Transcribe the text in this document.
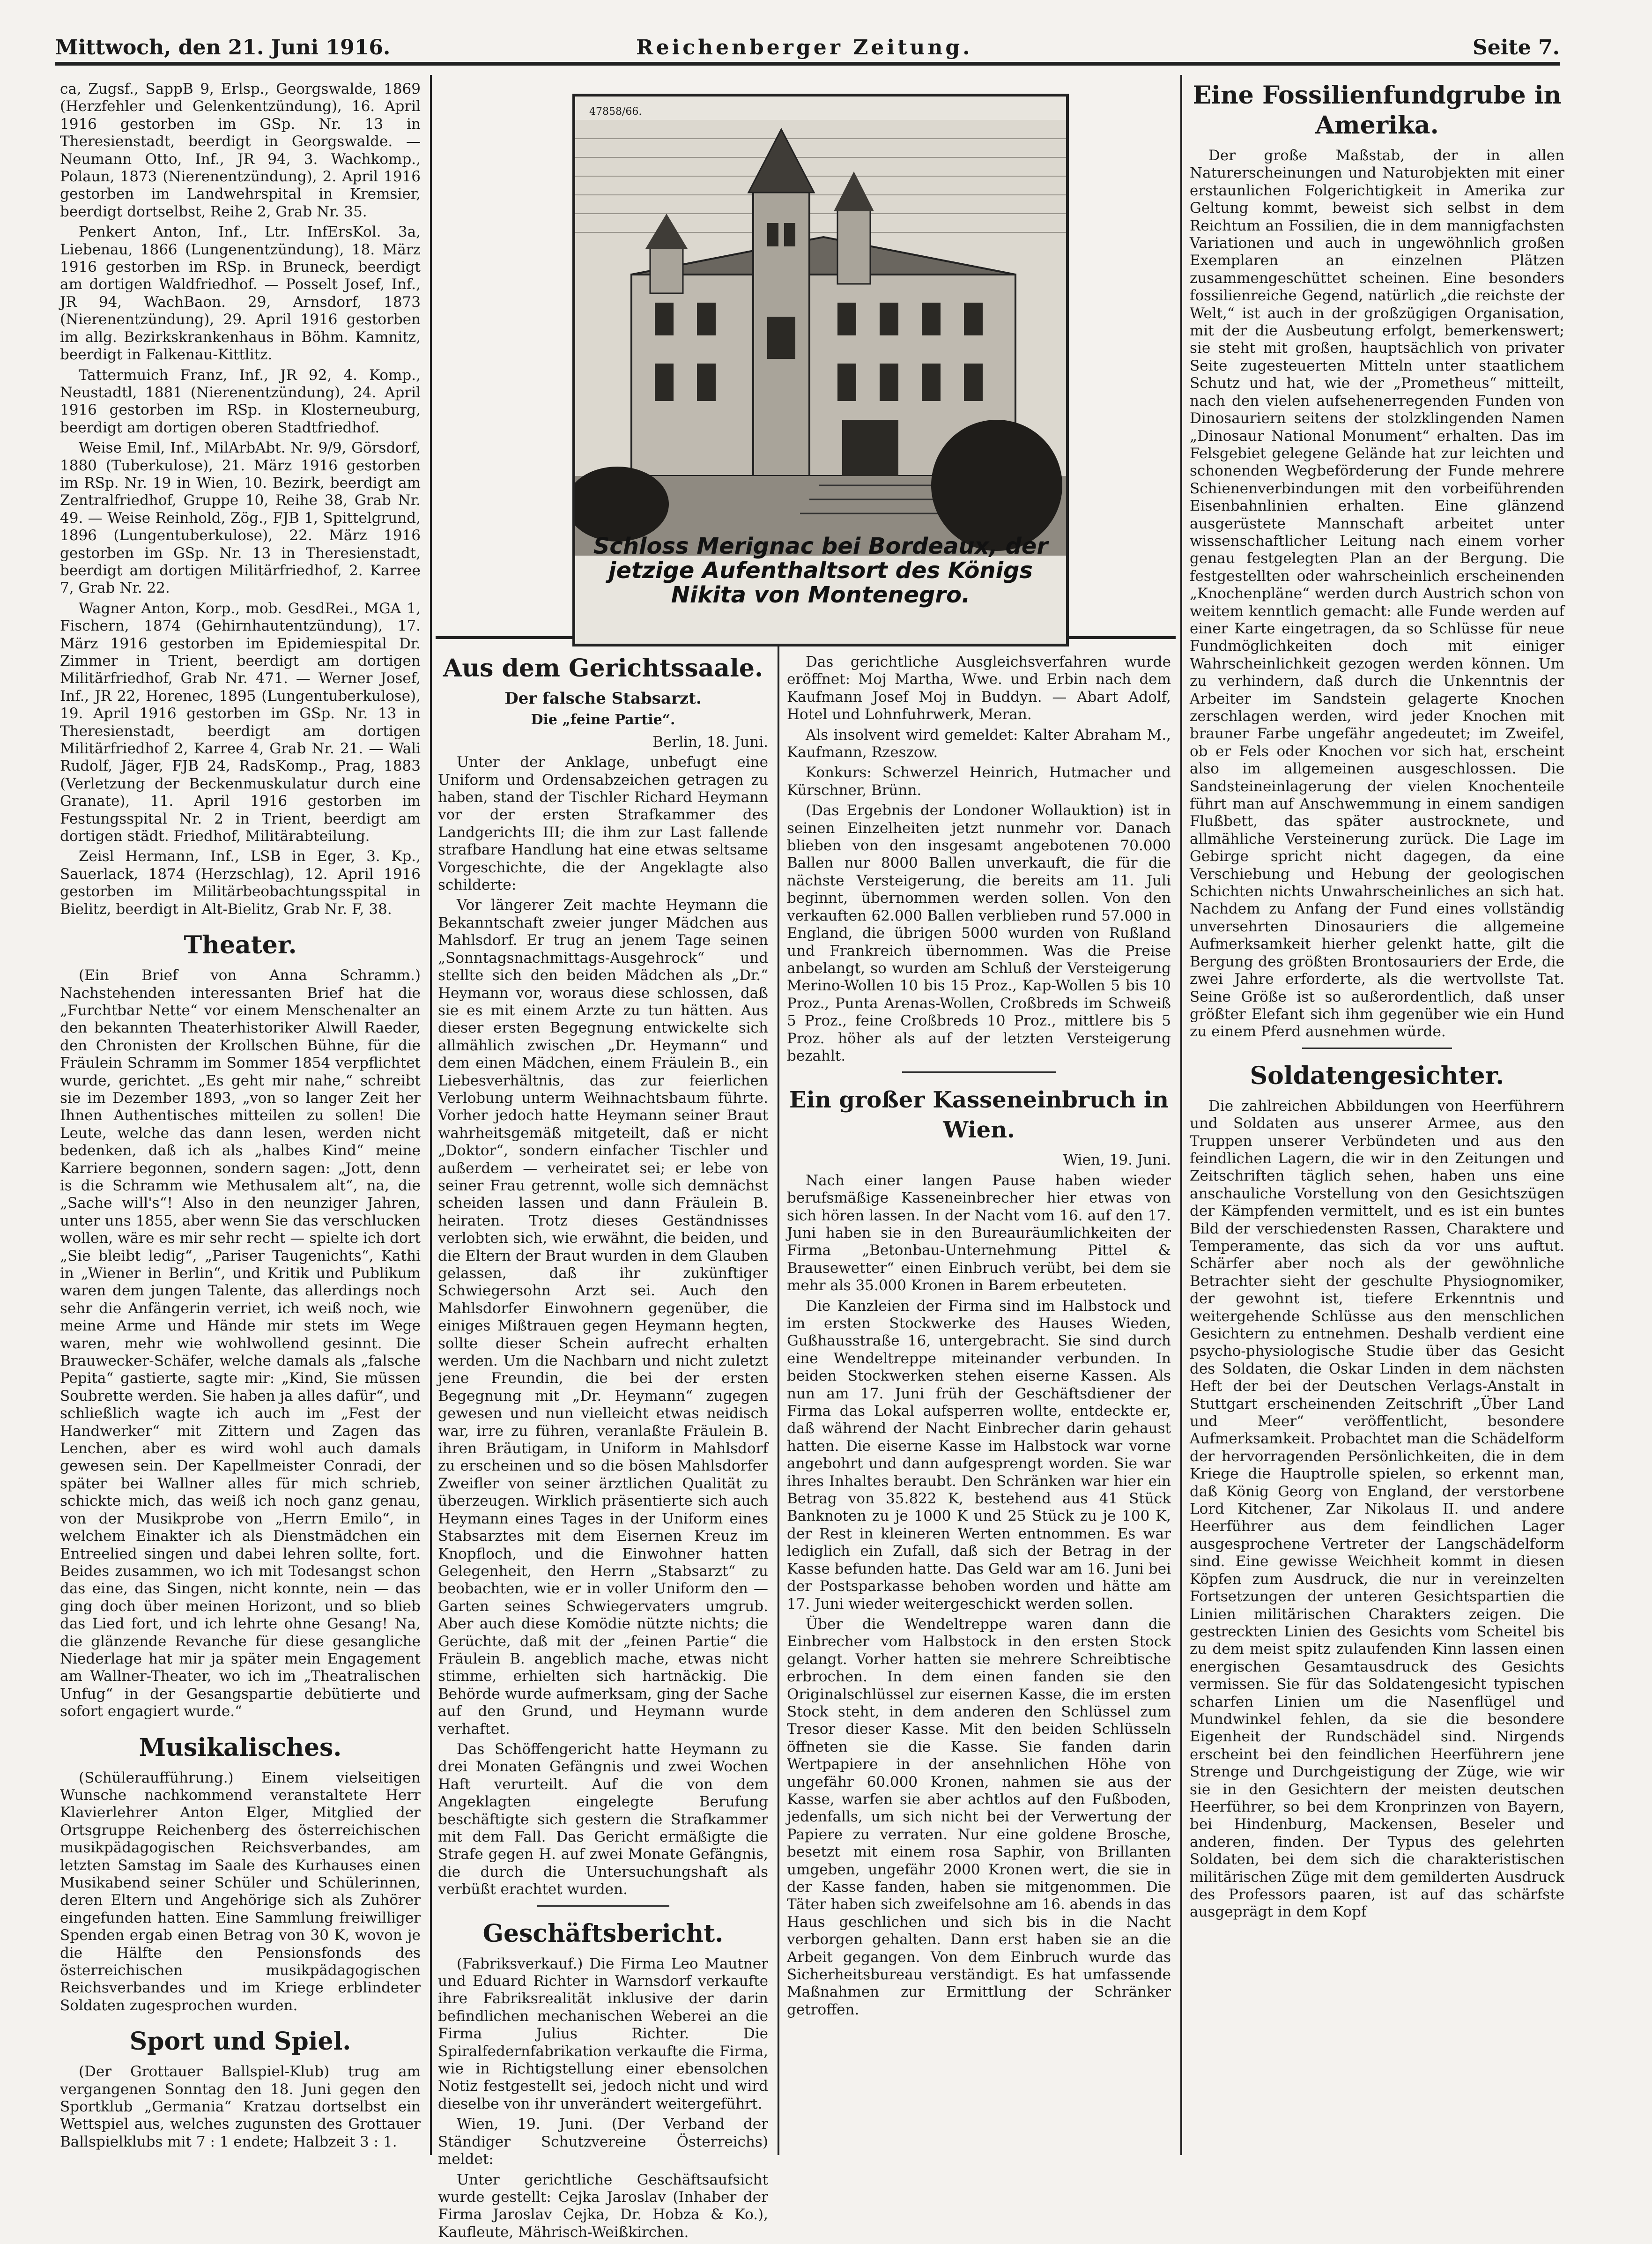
Mittwoch, den 21. Juni 1916.	Reichenberger Zeitung.	Seite 7.

ca, Zugsf., SappB 9, Erlsp., Georgswalde, 1869 (Herzfehler und Gelenkentzündung), 16. April 1916 gestorben im GSp. Nr. 13 in Theresienstadt, beerdigt in Georgswalde. — Neumann Otto, Inf., JR 94, 3. Wachkomp., Polaun, 1873 (Nierenentzündung), 2. April 1916 gestorben im Landwehrspital in Kremsier, beerdigt dortselbst, Reihe 2, Grab Nr. 35.

Penkert Anton, Inf., Ltr. InfErsKol. 3a, Liebenau, 1866 (Lungenentzündung), 18. März 1916 gestorben im RSp. in Bruneck, beerdigt am dortigen Waldfriedhof. — Posselt Josef, Inf., JR 94, WachBaon. 29, Arnsdorf, 1873 (Nierenentzündung), 29. April 1916 gestorben im allg. Bezirkskrankenhaus in Böhm. Kamnitz, beerdigt in Falkenau-Kittlitz.

Tattermuich Franz, Inf., JR 92, 4. Komp., Neustadtl, 1881 (Nierenentzündung), 24. April 1916 gestorben im RSp. in Klosterneuburg, beerdigt am dortigen oberen Stadtfriedhof.

Weise Emil, Inf., MilArbAbt. Nr. 9/9, Görsdorf, 1880 (Tuberkulose), 21. März 1916 gestorben im RSp. Nr. 19 in Wien, 10. Bezirk, beerdigt am Zentralfriedhof, Gruppe 10, Reihe 38, Grab Nr. 49. — Weise Reinhold, Zög., FJB 1, Spittelgrund, 1896 (Lungentuberkulose), 22. März 1916 gestorben im GSp. Nr. 13 in Theresienstadt, beerdigt am dortigen Militärfriedhof, 2. Karree 7, Grab Nr. 22.

Wagner Anton, Korp., mob. GesdRei., MGA 1, Fischern, 1874 (Gehirnhautentzündung), 17. März 1916 gestorben im Epidemiespital Dr. Zimmer in Trient, beerdigt am dortigen Militärfriedhof, Grab Nr. 471. — Werner Josef, Inf., JR 22, Horenec, 1895 (Lungentuberkulose), 19. April 1916 gestorben im GSp. Nr. 13 in Theresienstadt, beerdigt am dortigen Militärfriedhof 2, Karree 4, Grab Nr. 21. — Wali Rudolf, Jäger, FJB 24, RadsKomp., Prag, 1883 (Verletzung der Beckenmuskulatur durch eine Granate), 11. April 1916 gestorben im Festungsspital Nr. 2 in Trient, beerdigt am dortigen städt. Friedhof, Militärabteilung.

Zeisl Hermann, Inf., LSB in Eger, 3. Kp., Sauerlack, 1874 (Herzschlag), 12. April 1916 gestorben im Militärbeobachtungsspital in Bielitz, beerdigt in Alt-Bielitz, Grab Nr. F, 38.

Theater.

(Ein Brief von Anna Schramm.) Nachstehenden interessanten Brief hat die „Furchtbar Nette“ vor einem Menschenalter an den bekannten Theaterhistoriker Alwill Raeder, den Chronisten der Krollschen Bühne, für die Fräulein Schramm im Sommer 1854 verpflichtet wurde, gerichtet. „Es geht mir nahe,“ schreibt sie im Dezember 1893, „von so langer Zeit her Ihnen Authentisches mitteilen zu sollen! Die Leute, welche das dann lesen, werden nicht bedenken, daß ich als „halbes Kind“ meine Karriere begonnen, sondern sagen: „Jott, denn is die Schramm wie Methusalem alt“, na, die „Sache will's“! Also in den neunziger Jahren, unter uns 1855, aber wenn Sie das verschlucken wollen, wäre es mir sehr recht — spielte ich dort „Sie bleibt ledig“, „Pariser Taugenichts“, Kathi in „Wiener in Berlin“, und Kritik und Publikum waren dem jungen Talente, das allerdings noch sehr die Anfängerin verriet, ich weiß noch, wie meine Arme und Hände mir stets im Wege waren, mehr wie wohlwollend gesinnt. Die Brauwecker-Schäfer, welche damals als „falsche Pepita“ gastierte, sagte mir: „Kind, Sie müssen Soubrette werden. Sie haben ja alles dafür“, und schließlich wagte ich auch im „Fest der Handwerker“ mit Zittern und Zagen das Lenchen, aber es wird wohl auch damals gewesen sein. Der Kapellmeister Conradi, der später bei Wallner alles für mich schrieb, schickte mich, das weiß ich noch ganz genau, von der Musikprobe von „Herrn Emilo“, in welchem Einakter ich als Dienstmädchen ein Entreelied singen und dabei lehren sollte, fort. Beides zusammen, wo ich mit Todesangst schon das eine, das Singen, nicht konnte, nein — das ging doch über meinen Horizont, und so blieb das Lied fort, und ich lehrte ohne Gesang! Na, die glänzende Revanche für diese gesangliche Niederlage hat mir ja später mein Engagement am Wallner-Theater, wo ich im „Theatralischen Unfug“ in der Gesangspartie debütierte und sofort engagiert wurde.“

Musikalisches.

(Schüleraufführung.) Einem vielseitigen Wunsche nachkommend veranstaltete Herr Klavierlehrer Anton Elger, Mitglied der Ortsgruppe Reichenberg des österreichischen musikpädagogischen Reichsverbandes, am letzten Samstag im Saale des Kurhauses einen Musikabend seiner Schüler und Schülerinnen, deren Eltern und Angehörige sich als Zuhörer eingefunden hatten. Eine Sammlung freiwilliger Spenden ergab einen Betrag von 30 K, wovon je die Hälfte den Pensionsfonds des österreichischen musikpädagogischen Reichsverbandes und im Kriege erblindeter Soldaten zugesprochen wurden.

Sport und Spiel.

(Der Grottauer Ballspiel-Klub) trug am vergangenen Sonntag den 18. Juni gegen den Sportklub „Germania“ Kratzau dortselbst ein Wettspiel aus, welches zugunsten des Grottauer Ballspielklubs mit 7 : 1 endete; Halbzeit 3 : 1.

47858/66.
Schloss Merignac bei Bordeaux, der jetzige Aufenthaltsort des Königs Nikita von Montenegro.
Aus dem Gerichtssaale.
Der falsche Stabsarzt.
Die „feine Partie“.

Berlin, 18. Juni.

Unter der Anklage, unbefugt eine Uniform und Ordensabzeichen getragen zu haben, stand der Tischler Richard Heymann vor der ersten Strafkammer des Landgerichts III; die ihm zur Last fallende strafbare Handlung hat eine etwas seltsame Vorgeschichte, die der Angeklagte also schilderte:

Vor längerer Zeit machte Heymann die Bekanntschaft zweier junger Mädchen aus Mahlsdorf. Er trug an jenem Tage seinen „Sonntagsnachmittags-Ausgehrock“ und stellte sich den beiden Mädchen als „Dr.“ Heymann vor, woraus diese schlossen, daß sie es mit einem Arzte zu tun hätten. Aus dieser ersten Begegnung entwickelte sich allmählich zwischen „Dr. Heymann“ und dem einen Mädchen, einem Fräulein B., ein Liebesverhältnis, das zur feierlichen Verlobung unterm Weihnachtsbaum führte. Vorher jedoch hatte Heymann seiner Braut wahrheitsgemäß mitgeteilt, daß er nicht „Doktor“, sondern einfacher Tischler und außerdem — verheiratet sei; er lebe von seiner Frau getrennt, wolle sich demnächst scheiden lassen und dann Fräulein B. heiraten. Trotz dieses Geständnisses verlobten sich, wie erwähnt, die beiden, und die Eltern der Braut wurden in dem Glauben gelassen, daß ihr zukünftiger Schwiegersohn Arzt sei. Auch den Mahlsdorfer Einwohnern gegenüber, die einiges Mißtrauen gegen Heymann hegten, sollte dieser Schein aufrecht erhalten werden. Um die Nachbarn und nicht zuletzt jene Freundin, die bei der ersten Begegnung mit „Dr. Heymann“ zugegen gewesen und nun vielleicht etwas neidisch war, irre zu führen, veranlaßte Fräulein B. ihren Bräutigam, in Uniform in Mahlsdorf zu erscheinen und so die bösen Mahlsdorfer Zweifler von seiner ärztlichen Qualität zu überzeugen. Wirklich präsentierte sich auch Heymann eines Tages in der Uniform eines Stabsarztes mit dem Eisernen Kreuz im Knopfloch, und die Einwohner hatten Gelegenheit, den Herrn „Stabsarzt“ zu beobachten, wie er in voller Uniform den — Garten seines Schwiegervaters umgrub. Aber auch diese Komödie nützte nichts; die Gerüchte, daß mit der „feinen Partie“ die Fräulein B. angeblich mache, etwas nicht stimme, erhielten sich hartnäckig. Die Behörde wurde aufmerksam, ging der Sache auf den Grund, und Heymann wurde verhaftet.

Das Schöffengericht hatte Heymann zu drei Monaten Gefängnis und zwei Wochen Haft verurteilt. Auf die von dem Angeklagten eingelegte Berufung beschäftigte sich gestern die Strafkammer mit dem Fall. Das Gericht ermäßigte die Strafe gegen H. auf zwei Monate Gefängnis, die durch die Untersuchungshaft als verbüßt erachtet wurden.

Geschäftsbericht.

(Fabriksverkauf.) Die Firma Leo Mautner und Eduard Richter in Warnsdorf verkaufte ihre Fabriksrealität inklusive der darin befindlichen mechanischen Weberei an die Firma Julius Richter. Die Spiralfedernfabrikation verkaufte die Firma, wie in Richtigstellung einer ebensolchen Notiz festgestellt sei, jedoch nicht und wird dieselbe von ihr unverändert weitergeführt.

Wien, 19. Juni. (Der Verband der Ständiger Schutzvereine Österreichs) meldet:

Unter gerichtliche Geschäftsaufsicht wurde gestellt: Cejka Jaroslav (Inhaber der Firma Jaroslav Cejka, Dr. Hobza & Ko.), Kaufleute, Mährisch-Weißkirchen.

Das gerichtliche Ausgleichsverfahren wurde eröffnet: Moj Martha, Wwe. und Erbin nach dem Kaufmann Josef Moj in Buddyn. — Abart Adolf, Hotel und Lohnfuhrwerk, Meran.

Als insolvent wird gemeldet: Kalter Abraham M., Kaufmann, Rzeszow.

Konkurs: Schwerzel Heinrich, Hutmacher und Kürschner, Brünn.

(Das Ergebnis der Londoner Wollauktion) ist in seinen Einzelheiten jetzt nunmehr vor. Danach blieben von den insgesamt angebotenen 70.000 Ballen nur 8000 Ballen unverkauft, die für die nächste Versteigerung, die bereits am 11. Juli beginnt, übernommen werden sollen. Von den verkauften 62.000 Ballen verblieben rund 57.000 in England, die übrigen 5000 wurden von Rußland und Frankreich übernommen. Was die Preise anbelangt, so wurden am Schluß der Versteigerung Merino-Wollen 10 bis 15 Proz., Kap-Wollen 5 bis 10 Proz., Punta Arenas-Wollen, Croßbreds im Schweiß 5 Proz., feine Croßbreds 10 Proz., mittlere bis 5 Proz. höher als auf der letzten Versteigerung bezahlt.

Ein großer Kasseneinbruch in Wien.

Wien, 19. Juni.

Nach einer langen Pause haben wieder berufsmäßige Kasseneinbrecher hier etwas von sich hören lassen. In der Nacht vom 16. auf den 17. Juni haben sie in den Bureauräumlichkeiten der Firma „Betonbau-Unternehmung Pittel & Brausewetter“ einen Einbruch verübt, bei dem sie mehr als 35.000 Kronen in Barem erbeuteten.

Die Kanzleien der Firma sind im Halbstock und im ersten Stockwerke des Hauses Wieden, Gußhausstraße 16, untergebracht. Sie sind durch eine Wendeltreppe miteinander verbunden. In beiden Stockwerken stehen eiserne Kassen. Als nun am 17. Juni früh der Geschäftsdiener der Firma das Lokal aufsperren wollte, entdeckte er, daß während der Nacht Einbrecher darin gehaust hatten. Die eiserne Kasse im Halbstock war vorne angebohrt und dann aufgesprengt worden. Sie war ihres Inhaltes beraubt. Den Schränken war hier ein Betrag von 35.822 K, bestehend aus 41 Stück Banknoten zu je 1000 K und 25 Stück zu je 100 K, der Rest in kleineren Werten entnommen. Es war lediglich ein Zufall, daß sich der Betrag in der Kasse befunden hatte. Das Geld war am 16. Juni bei der Postsparkasse behoben worden und hätte am 17. Juni wieder weitergeschickt werden sollen.

Über die Wendeltreppe waren dann die Einbrecher vom Halbstock in den ersten Stock gelangt. Vorher hatten sie mehrere Schreibtische erbrochen. In dem einen fanden sie den Originalschlüssel zur eisernen Kasse, die im ersten Stock steht, in dem anderen den Schlüssel zum Tresor dieser Kasse. Mit den beiden Schlüsseln öffneten sie die Kasse. Sie fanden darin Wertpapiere in der ansehnlichen Höhe von ungefähr 60.000 Kronen, nahmen sie aus der Kasse, warfen sie aber achtlos auf den Fußboden, jedenfalls, um sich nicht bei der Verwertung der Papiere zu verraten. Nur eine goldene Brosche, besetzt mit einem rosa Saphir, von Brillanten umgeben, ungefähr 2000 Kronen wert, die sie in der Kasse fanden, haben sie mitgenommen. Die Täter haben sich zweifelsohne am 16. abends in das Haus geschlichen und sich bis in die Nacht verborgen gehalten. Dann erst haben sie an die Arbeit gegangen. Von dem Einbruch wurde das Sicherheitsbureau verständigt. Es hat umfassende Maßnahmen zur Ermittlung der Schränker getroffen.

Eine Fossilienfundgrube in Amerika.

Der große Maßstab, der in allen Naturerscheinungen und Naturobjekten mit einer erstaunlichen Folgerichtigkeit in Amerika zur Geltung kommt, beweist sich selbst in dem Reichtum an Fossilien, die in dem mannigfachsten Variationen und auch in ungewöhnlich großen Exemplaren an einzelnen Plätzen zusammengeschüttet scheinen. Eine besonders fossilienreiche Gegend, natürlich „die reichste der Welt,“ ist auch in der großzügigen Organisation, mit der die Ausbeutung erfolgt, bemerkenswert; sie steht mit großen, hauptsächlich von privater Seite zugesteuerten Mitteln unter staatlichem Schutz und hat, wie der „Prometheus“ mitteilt, nach den vielen aufsehenerregenden Funden von Dinosauriern seitens der stolzklingenden Namen „Dinosaur National Monument“ erhalten. Das im Felsgebiet gelegene Gelände hat zur leichten und schonenden Wegbeförderung der Funde mehrere Schienenverbindungen mit den vorbeiführenden Eisenbahnlinien erhalten. Eine glänzend ausgerüstete Mannschaft arbeitet unter wissenschaftlicher Leitung nach einem vorher genau festgelegten Plan an der Bergung. Die festgestellten oder wahrscheinlich erscheinenden „Knochenpläne“ werden durch Austrich schon von weitem kenntlich gemacht: alle Funde werden auf einer Karte eingetragen, da so Schlüsse für neue Fundmöglichkeiten doch mit einiger Wahrscheinlichkeit gezogen werden können. Um zu verhindern, daß durch die Unkenntnis der Arbeiter im Sandstein gelagerte Knochen zerschlagen werden, wird jeder Knochen mit brauner Farbe ungefähr angedeutet; im Zweifel, ob er Fels oder Knochen vor sich hat, erscheint also im allgemeinen ausgeschlossen. Die Sandsteineinlagerung der vielen Knochenteile führt man auf Anschwemmung in einem sandigen Flußbett, das später austrocknete, und allmähliche Versteinerung zurück. Die Lage im Gebirge spricht nicht dagegen, da eine Verschiebung und Hebung der geologischen Schichten nichts Unwahrscheinliches an sich hat. Nachdem zu Anfang der Fund eines vollständig unversehrten Dinosauriers die allgemeine Aufmerksamkeit hierher gelenkt hatte, gilt die Bergung des größten Brontosauriers der Erde, die zwei Jahre erforderte, als die wertvollste Tat. Seine Größe ist so außerordentlich, daß unser größter Elefant sich ihm gegenüber wie ein Hund zu einem Pferd ausnehmen würde.

Soldatengesichter.

Die zahlreichen Abbildungen von Heerführern und Soldaten aus unserer Armee, aus den Truppen unserer Verbündeten und aus den feindlichen Lagern, die wir in den Zeitungen und Zeitschriften täglich sehen, haben uns eine anschauliche Vorstellung von den Gesichtszügen der Kämpfenden vermittelt, und es ist ein buntes Bild der verschiedensten Rassen, Charaktere und Temperamente, das sich da vor uns auftut. Schärfer aber noch als der gewöhnliche Betrachter sieht der geschulte Physiognomiker, der gewohnt ist, tiefere Erkenntnis und weitergehende Schlüsse aus den menschlichen Gesichtern zu entnehmen. Deshalb verdient eine psycho-physiologische Studie über das Gesicht des Soldaten, die Oskar Linden in dem nächsten Heft der bei der Deutschen Verlags-Anstalt in Stuttgart erscheinenden Zeitschrift „Über Land und Meer“ veröffentlicht, besondere Aufmerksamkeit. Probachtet man die Schädelform der hervorragenden Persönlichkeiten, die in dem Kriege die Hauptrolle spielen, so erkennt man, daß König Georg von England, der verstorbene Lord Kitchener, Zar Nikolaus II. und andere Heerführer aus dem feindlichen Lager ausgesprochene Vertreter der Langschädelform sind. Eine gewisse Weichheit kommt in diesen Köpfen zum Ausdruck, die nur in vereinzelten Fortsetzungen der unteren Gesichtspartien die Linien militärischen Charakters zeigen. Die gestreckten Linien des Gesichts vom Scheitel bis zu dem meist spitz zulaufenden Kinn lassen einen energischen Gesamtausdruck des Gesichts vermissen. Sie für das Soldatengesicht typischen scharfen Linien um die Nasenflügel und Mundwinkel fehlen, da sie die besondere Eigenheit der Rundschädel sind. Nirgends erscheint bei den feindlichen Heerführern jene Strenge und Durchgeistigung der Züge, wie wir sie in den Gesichtern der meisten deutschen Heerführer, so bei dem Kronprinzen von Bayern, bei Hindenburg, Mackensen, Beseler und anderen, finden. Der Typus des gelehrten Soldaten, bei dem sich die charakteristischen militärischen Züge mit dem gemilderten Ausdruck des Professors paaren, ist auf das schärfste ausgeprägt in dem Kopf
